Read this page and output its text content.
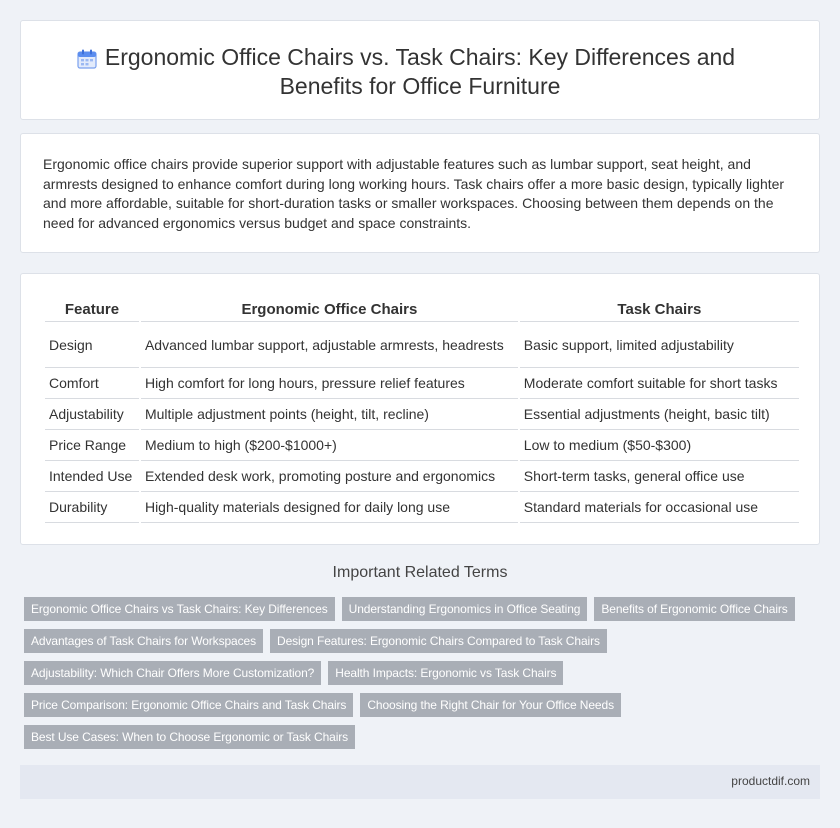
Ergonomic Office Chairs vs. Task Chairs: Key Differences and Benefits for Office Furniture

Ergonomic office chairs provide superior support with adjustable features such as lumbar support, seat height, and armrests designed to enhance comfort during long working hours. Task chairs offer a more basic design, typically lighter and more affordable, suitable for short-duration tasks or smaller workspaces. Choosing between them depends on the need for advanced ergonomics versus budget and space constraints.

Feature	Ergonomic Office Chairs	Task Chairs
Design	Advanced lumbar support, adjustable armrests, headrests	Basic support, limited adjustability
Comfort	High comfort for long hours, pressure relief features	Moderate comfort suitable for short tasks
Adjustability	Multiple adjustment points (height, tilt, recline)	Essential adjustments (height, basic tilt)
Price Range	Medium to high ($200-$1000+)	Low to medium ($50-$300)
Intended Use	Extended desk work, promoting posture and ergonomics	Short-term tasks, general office use
Durability	High-quality materials designed for daily long use	Standard materials for occasional use
Important Related Terms
Ergonomic Office Chairs vs Task Chairs: Key Differences	Understanding Ergonomics in Office Seating	Benefits of Ergonomic Office Chairs
Advantages of Task Chairs for Workspaces	Design Features: Ergonomic Chairs Compared to Task Chairs
Adjustability: Which Chair Offers More Customization?	Health Impacts: Ergonomic vs Task Chairs
Price Comparison: Ergonomic Office Chairs and Task Chairs	Choosing the Right Chair for Your Office Needs
Best Use Cases: When to Choose Ergonomic or Task Chairs
productdif.com
